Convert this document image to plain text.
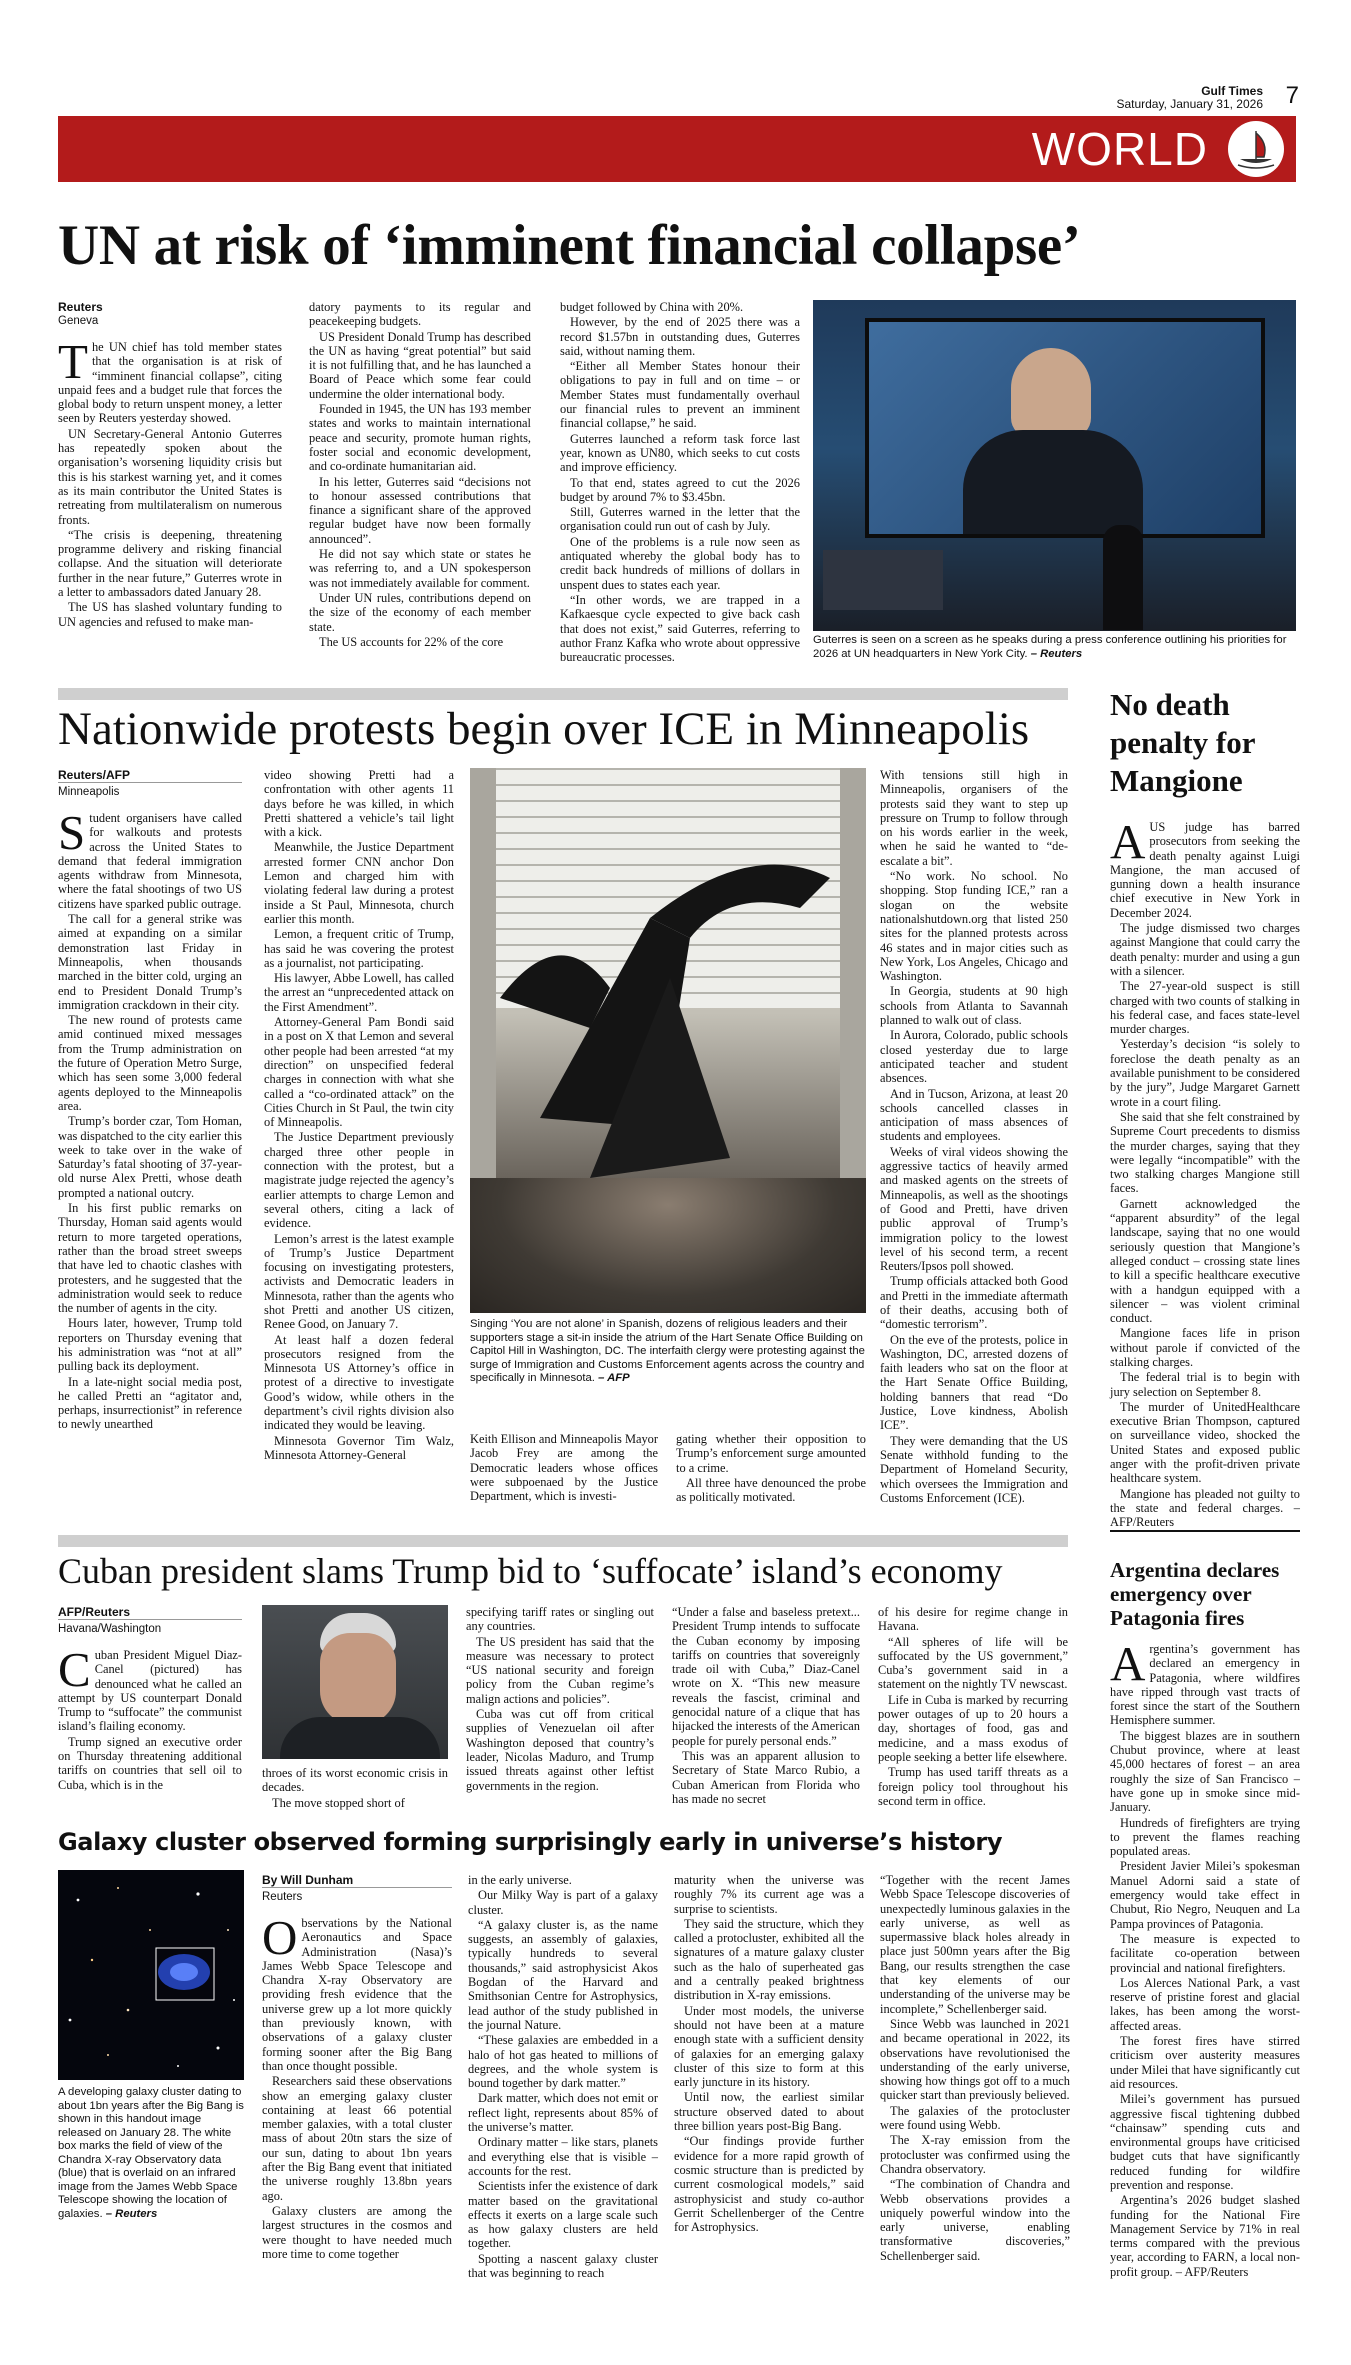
Gulf Times
Saturday, January 31, 2026 7
WORLD
UN at risk of ‘imminent financial collapse’
Reuters
Geneva

The UN chief has told member states that the organisation is at risk of “imminent financial collapse”, citing unpaid fees and a budget rule that forces the global body to return unspent money, a letter seen by Reuters yesterday showed.

UN Secretary-General Antonio Guterres has repeatedly spoken about the organisation’s worsening liquidity crisis but this is his starkest warning yet, and it comes as its main contributor the United States is retreating from multilateralism on numerous fronts.

“The crisis is deepening, threatening programme delivery and risking financial collapse. And the situation will deteriorate further in the near future,” Guterres wrote in a letter to ambassadors dated January 28.

The US has slashed voluntary funding to UN agencies and refused to make man-

datory payments to its regular and peacekeeping budgets.

US President Donald Trump has described the UN as having “great potential” but said it is not fulfilling that, and he has launched a Board of Peace which some fear could undermine the older international body.

Founded in 1945, the UN has 193 member states and works to maintain international peace and security, promote human rights, foster social and economic development, and co-ordinate humanitarian aid.

In his letter, Guterres said “decisions not to honour assessed contributions that finance a significant share of the approved regular budget have now been formally announced”.

He did not say which state or states he was referring to, and a UN spokesperson was not immediately available for comment.

Under UN rules, contributions depend on the size of the economy of each member state.

The US accounts for 22% of the core

budget followed by China with 20%.

However, by the end of 2025 there was a record $1.57bn in outstanding dues, Guterres said, without naming them.

“Either all Member States honour their obligations to pay in full and on time – or Member States must fundamentally overhaul our financial rules to prevent an imminent financial collapse,” he said.

Guterres launched a reform task force last year, known as UN80, which seeks to cut costs and improve efficiency.

To that end, states agreed to cut the 2026 budget by around 7% to $3.45bn.

Still, Guterres warned in the letter that the organisation could run out of cash by July.

One of the problems is a rule now seen as antiquated whereby the global body has to credit back hundreds of millions of dollars in unspent dues to states each year.

“In other words, we are trapped in a Kafkaesque cycle expected to give back cash that does not exist,” said Guterres, referring to author Franz Kafka who wrote about oppressive bureaucratic processes.

Guterres is seen on a screen as he speaks during a press conference outlining his priorities for 2026 at UN headquarters in New York City. – Reuters
Nationwide protests begin over ICE in Minneapolis
Reuters/AFP
Minneapolis

Student organisers have called for walkouts and protests across the United States to demand that federal immigration agents withdraw from Minnesota, where the fatal shootings of two US citizens have sparked public outrage.

The call for a general strike was aimed at expanding on a similar demonstration last Friday in Minneapolis, when thousands marched in the bitter cold, urging an end to President Donald Trump’s immigration crackdown in their city.

The new round of protests came amid continued mixed messages from the Trump administration on the future of Operation Metro Surge, which has seen some 3,000 federal agents deployed to the Minneapolis area.

Trump’s border czar, Tom Homan, was dispatched to the city earlier this week to take over in the wake of Saturday’s fatal shooting of 37-year-old nurse Alex Pretti, whose death prompted a national outcry.

In his first public remarks on Thursday, Homan said agents would return to more targeted operations, rather than the broad street sweeps that have led to chaotic clashes with protesters, and he suggested that the administration would seek to reduce the number of agents in the city.

Hours later, however, Trump told reporters on Thursday evening that his administration was “not at all” pulling back its deployment.

In a late-night social media post, he called Pretti an “agitator and, perhaps, insurrectionist” in reference to newly unearthed

video showing Pretti had a confrontation with other agents 11 days before he was killed, in which Pretti shattered a vehicle’s tail light with a kick.

Meanwhile, the Justice Department arrested former CNN anchor Don Lemon and charged him with violating federal law during a protest inside a St Paul, Minnesota, church earlier this month.

Lemon, a frequent critic of Trump, has said he was covering the protest as a journalist, not participating.

His lawyer, Abbe Lowell, has called the arrest an “unprecedented attack on the First Amendment”.

Attorney-General Pam Bondi said in a post on X that Lemon and several other people had been arrested “at my direction” on unspecified federal charges in connection with what she called a “co-ordinated attack” on the Cities Church in St Paul, the twin city of Minneapolis.

The Justice Department previously charged three other people in connection with the protest, but a magistrate judge rejected the agency’s earlier attempts to charge Lemon and several others, citing a lack of evidence.

Lemon’s arrest is the latest example of Trump’s Justice Department focusing on investigating protesters, activists and Democratic leaders in Minnesota, rather than the agents who shot Pretti and another US citizen, Renee Good, on January 7.

At least half a dozen federal prosecutors resigned from the Minnesota US Attorney’s office in protest of a directive to investigate Good’s widow, while others in the department’s civil rights division also indicated they would be leaving.

Minnesota Governor Tim Walz, Minnesota Attorney-General

Singing ‘You are not alone’ in Spanish, dozens of religious leaders and their supporters stage a sit-in inside the atrium of the Hart Senate Office Building on Capitol Hill in Washington, DC. The interfaith clergy were protesting against the surge of Immigration and Customs Enforcement agents across the country and specifically in Minnesota. – AFP

Keith Ellison and Minneapolis Mayor Jacob Frey are among the Democratic leaders whose offices were subpoenaed by the Justice Department, which is investi-

gating whether their opposition to Trump’s enforcement surge amounted to a crime.

All three have denounced the probe as politically motivated.

With tensions still high in Minneapolis, organisers of the protests said they want to step up pressure on Trump to follow through on his words earlier in the week, when he said he wanted to “de-escalate a bit”.

“No work. No school. No shopping. Stop funding ICE,” ran a slogan on the website nationalshutdown.org that listed 250 sites for the planned protests across 46 states and in major cities such as New York, Los Angeles, Chicago and Washington.

In Georgia, students at 90 high schools from Atlanta to Savannah planned to walk out of class.

In Aurora, Colorado, public schools closed yesterday due to large anticipated teacher and student absences.

And in Tucson, Arizona, at least 20 schools cancelled classes in anticipation of mass absences of students and employees.

Weeks of viral videos showing the aggressive tactics of heavily armed and masked agents on the streets of Minneapolis, as well as the shootings of Good and Pretti, have driven public approval of Trump’s immigration policy to the lowest level of his second term, a recent Reuters/Ipsos poll showed.

Trump officials attacked both Good and Pretti in the immediate aftermath of their deaths, accusing both of “domestic terrorism”.

On the eve of the protests, police in Washington, DC, arrested dozens of faith leaders who sat on the floor at the Hart Senate Office Building, holding banners that read “Do Justice, Love kindness, Abolish ICE”.

They were demanding that the US Senate withhold funding to the Department of Homeland Security, which oversees the Immigration and Customs Enforcement (ICE).

No death penalty for Mangione

AUS judge has barred prosecutors from seeking the death penalty against Luigi Mangione, the man accused of gunning down a health insurance chief executive in New York in December 2024.

The judge dismissed two charges against Mangione that could carry the death penalty: murder and using a gun with a silencer.

The 27-year-old suspect is still charged with two counts of stalking in his federal case, and faces state-level murder charges.

Yesterday’s decision “is solely to foreclose the death penalty as an available punishment to be considered by the jury”, Judge Margaret Garnett wrote in a court filing.

She said that she felt constrained by Supreme Court precedents to dismiss the murder charges, saying that they were legally “incompatible” with the two stalking charges Mangione still faces.

Garnett acknowledged the “apparent absurdity” of the legal landscape, saying that no one would seriously question that Mangione’s alleged conduct – crossing state lines to kill a specific healthcare executive with a handgun equipped with a silencer – was violent criminal conduct.

Mangione faces life in prison without parole if convicted of the stalking charges.

The federal trial is to begin with jury selection on September 8.

The murder of UnitedHealthcare executive Brian Thompson, captured on surveillance video, shocked the United States and exposed public anger with the profit-driven private healthcare system.

Mangione has pleaded not guilty to the state and federal charges. – AFP/Reuters

Cuban president slams Trump bid to ‘suffocate’ island’s economy
AFP/Reuters
Havana/Washington

Cuban President Miguel Diaz-Canel (pictured) has denounced what he called an attempt by US counterpart Donald Trump to “suffocate” the communist island’s flailing economy.

Trump signed an executive order on Thursday threatening additional tariffs on countries that sell oil to Cuba, which is in the

throes of its worst economic crisis in decades.

The move stopped short of

specifying tariff rates or singling out any countries.

The US president has said that the measure was necessary to protect “US national security and foreign policy from the Cuban regime’s malign actions and policies”.

Cuba was cut off from critical supplies of Venezuelan oil after Washington deposed that country’s leader, Nicolas Maduro, and Trump issued threats against other leftist governments in the region.

“Under a false and baseless pretext... President Trump intends to suffocate the Cuban economy by imposing tariffs on countries that sovereignly trade oil with Cuba,” Diaz-Canel wrote on X. “This new measure reveals the fascist, criminal and genocidal nature of a clique that has hijacked the interests of the American people for purely personal ends.”

This was an apparent allusion to Secretary of State Marco Rubio, a Cuban American from Florida who has made no secret

of his desire for regime change in Havana.

“All spheres of life will be suffocated by the US government,” Cuba’s government said in a statement on the nightly TV newscast.

Life in Cuba is marked by recurring power outages of up to 20 hours a day, shortages of food, gas and medicine, and a mass exodus of people seeking a better life elsewhere.

Trump has used tariff threats as a foreign policy tool throughout his second term in office.

Argentina declares emergency over Patagonia fires

Argentina’s government has declared an emergency in Patagonia, where wildfires have ripped through vast tracts of forest since the start of the Southern Hemisphere summer.

The biggest blazes are in southern Chubut province, where at least 45,000 hectares of forest – an area roughly the size of San Francisco – have gone up in smoke since mid-January.

Hundreds of firefighters are trying to prevent the flames reaching populated areas.

President Javier Milei’s spokesman Manuel Adorni said a state of emergency would take effect in Chubut, Rio Negro, Neuquen and La Pampa provinces of Patagonia.

The measure is expected to facilitate co-operation between provincial and national firefighters.

Los Alerces National Park, a vast reserve of pristine forest and glacial lakes, has been among the worst-affected areas.

The forest fires have stirred criticism over austerity measures under Milei that have significantly cut aid resources.

Milei’s government has pursued aggressive fiscal tightening dubbed “chainsaw” spending cuts and environmental groups have criticised budget cuts that have significantly reduced funding for wildfire prevention and response.

Argentina’s 2026 budget slashed funding for the National Fire Management Service by 71% in real terms compared with the previous year, according to FARN, a local non-profit group. – AFP/Reuters

Galaxy cluster observed forming surprisingly early in universe’s history
A developing galaxy cluster dating to about 1bn years after the Big Bang is shown in this handout image released on January 28. The white box marks the field of view of the Chandra X-ray Observatory data (blue) that is overlaid on an infrared image from the James Webb Space Telescope showing the location of galaxies. – Reuters
By Will Dunham
Reuters

Observations by the National Aeronautics and Space Administration (Nasa)’s James Webb Space Telescope and Chandra X-ray Observatory are providing fresh evidence that the universe grew up a lot more quickly than previously known, with observations of a galaxy cluster forming sooner after the Big Bang than once thought possible.

Researchers said these observations show an emerging galaxy cluster containing at least 66 potential member galaxies, with a total cluster mass of about 20tn stars the size of our sun, dating to about 1bn years after the Big Bang event that initiated the universe roughly 13.8bn years ago.

Galaxy clusters are among the largest structures in the cosmos and were thought to have needed much more time to come together

in the early universe.

Our Milky Way is part of a galaxy cluster.

“A galaxy cluster is, as the name suggests, an assembly of galaxies, typically hundreds to several thousands,” said astrophysicist Akos Bogdan of the Harvard and Smithsonian Centre for Astrophysics, lead author of the study published in the journal Nature.

“These galaxies are embedded in a halo of hot gas heated to millions of degrees, and the whole system is bound together by dark matter.”

Dark matter, which does not emit or reflect light, represents about 85% of the universe’s matter.

Ordinary matter – like stars, planets and everything else that is visible – accounts for the rest.

Scientists infer the existence of dark matter based on the gravitational effects it exerts on a large scale such as how galaxy clusters are held together.

Spotting a nascent galaxy cluster that was beginning to reach

maturity when the universe was roughly 7% its current age was a surprise to scientists.

They said the structure, which they called a protocluster, exhibited all the signatures of a mature galaxy cluster such as the halo of superheated gas and a centrally peaked brightness distribution in X-ray emissions.

Under most models, the universe should not have been at a mature enough state with a sufficient density of galaxies for an emerging galaxy cluster of this size to form at this early juncture in its history.

Until now, the earliest similar structure observed dated to about three billion years post-Big Bang.

“Our findings provide further evidence for a more rapid growth of cosmic structure than is predicted by current cosmological models,” said astrophysicist and study co-author Gerrit Schellenberger of the Centre for Astrophysics.

“Together with the recent James Webb Space Telescope discoveries of unexpectedly luminous galaxies in the early universe, as well as supermassive black holes already in place just 500mn years after the Big Bang, our results strengthen the case that key elements of our understanding of the universe may be incomplete,” Schellenberger said.

Since Webb was launched in 2021 and became operational in 2022, its observations have revolutionised the understanding of the early universe, showing how things got off to a much quicker start than previously believed.

The galaxies of the protocluster were found using Webb.

The X-ray emission from the protocluster was confirmed using the Chandra observatory.

“The combination of Chandra and Webb observations provides a uniquely powerful window into the early universe, enabling transformative discoveries,” Schellenberger said.
